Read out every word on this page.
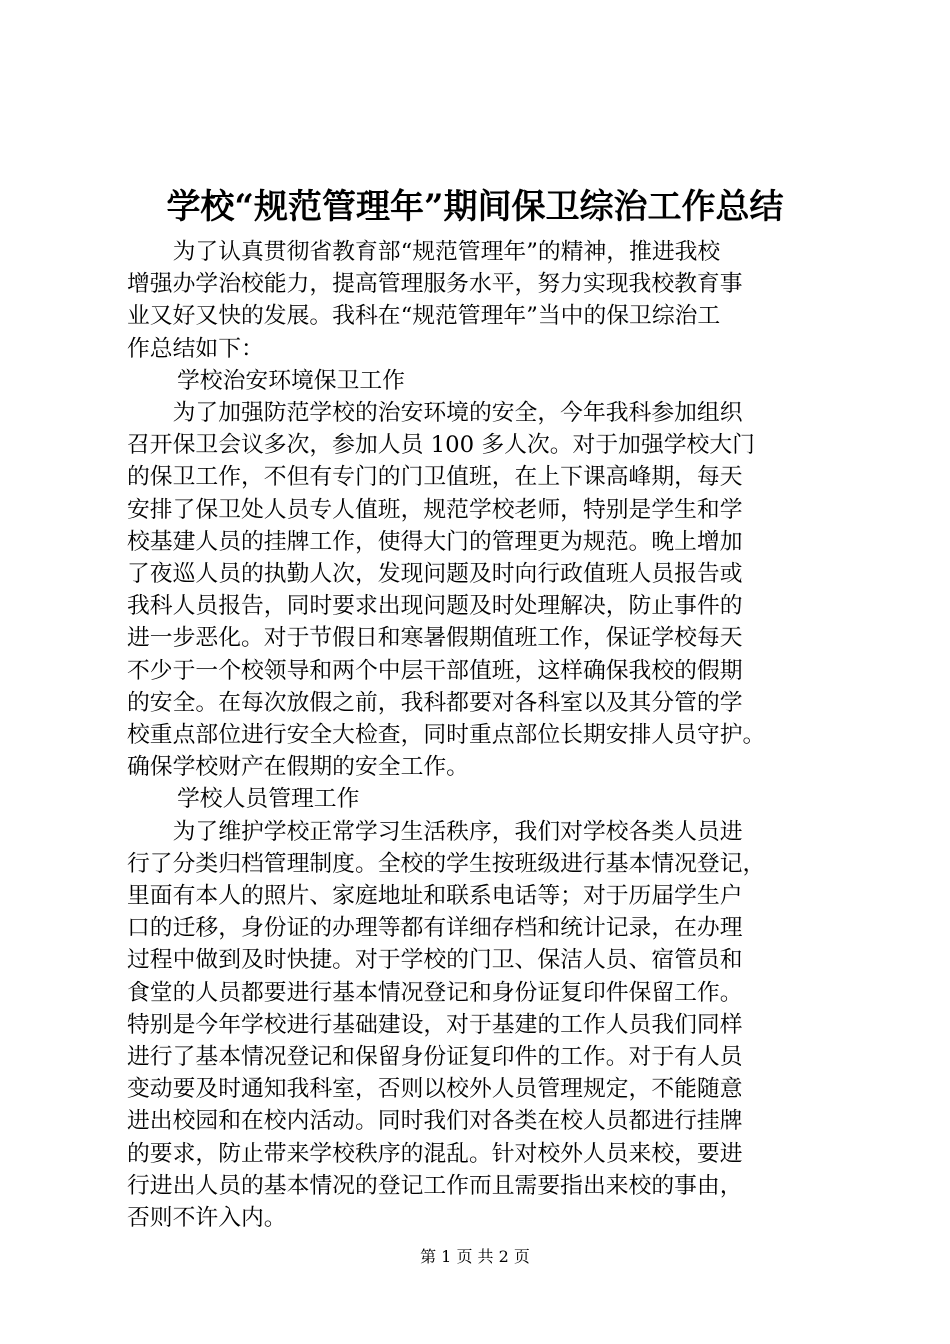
学校“规范管理年”期间保卫综治工作总结

为了认真贯彻省教育部“规范管理年”的精神，推进我校
增强办学治校能力，提高管理服务水平，努力实现我校教育事
业又好又快的发展。我科在“规范管理年”当中的保卫综治工
作总结如下：

学校治安环境保卫工作

为了加强防范学校的治安环境的安全，今年我科参加组织
召开保卫会议多次，参加人员 100 多人次。对于加强学校大门
的保卫工作，不但有专门的门卫值班，在上下课高峰期，每天
安排了保卫处人员专人值班，规范学校老师，特别是学生和学
校基建人员的挂牌工作，使得大门的管理更为规范。晚上增加
了夜巡人员的执勤人次，发现问题及时向行政值班人员报告或
我科人员报告，同时要求出现问题及时处理解决，防止事件的
进一步恶化。对于节假日和寒暑假期值班工作，保证学校每天
不少于一个校领导和两个中层干部值班，这样确保我校的假期
的安全。在每次放假之前，我科都要对各科室以及其分管的学
校重点部位进行安全大检查，同时重点部位长期安排人员守护。
确保学校财产在假期的安全工作。

学校人员管理工作

为了维护学校正常学习生活秩序，我们对学校各类人员进
行了分类归档管理制度。全校的学生按班级进行基本情况登记，
里面有本人的照片、家庭地址和联系电话等；对于历届学生户
口的迁移，身份证的办理等都有详细存档和统计记录，在办理
过程中做到及时快捷。对于学校的门卫、保洁人员、宿管员和
食堂的人员都要进行基本情况登记和身份证复印件保留工作。
特别是今年学校进行基础建设，对于基建的工作人员我们同样
进行了基本情况登记和保留身份证复印件的工作。对于有人员
变动要及时通知我科室，否则以校外人员管理规定，不能随意
进出校园和在校内活动。同时我们对各类在校人员都进行挂牌
的要求，防止带来学校秩序的混乱。针对校外人员来校，要进
行进出人员的基本情况的登记工作而且需要指出来校的事由，
否则不许入内。

第 1 页 共 2 页
